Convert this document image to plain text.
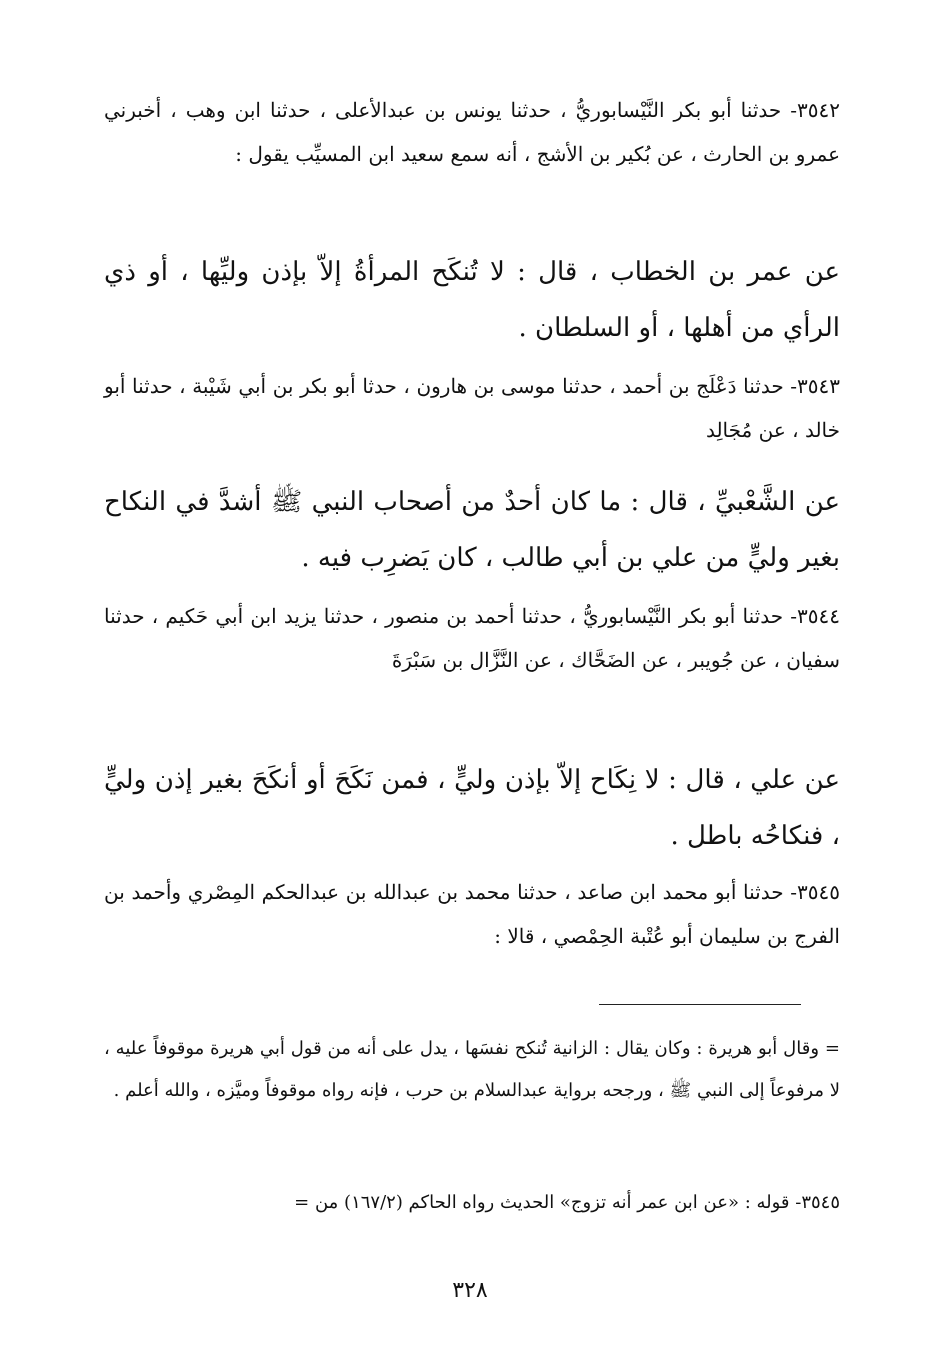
٣٥٤٢- حدثنا أبو بكر النَّيْسابوريُّ ، حدثنا يونس بن عبدالأعلى ، حدثنا ابن وهب ، أخبرني عمرو بن الحارث ، عن بُكير بن الأشج ، أنه سمع سعيد ابن المسيِّب يقول :

عن عمر بن الخطاب ، قال : لا تُنكَح المرأةُ إلاّ بإذن وليِّها ، أو ذي الرأي من أهلها ، أو السلطان .

٣٥٤٣- حدثنا دَعْلَج بن أحمد ، حدثنا موسى بن هارون ، حدثا أبو بكر بن أبي شَيْبة ، حدثنا أبو خالد ، عن مُجَالِد

عن الشَّعْبيِّ ، قال : ما كان أحدٌ من أصحاب النبي ﷺ أشدَّ في النكاح بغير وليٍّ من علي بن أبي طالب ، كان يَضرِب فيه .

٣٥٤٤- حدثنا أبو بكر النَّيْسابوريُّ ، حدثنا أحمد بن منصور ، حدثنا يزيد ابن أبي حَكيم ، حدثنا سفيان ، عن جُويبر ، عن الضَحَّاك ، عن النَّزَّال بن سَبْرَةَ

عن علي ، قال : لا نِكَاح إلاّ بإذن وليٍّ ، فمن نَكَحَ أو أنكَحَ بغير إذن وليٍّ ، فنكاحُه باطل .

٣٥٤٥- حدثنا أبو محمد ابن صاعد ، حدثنا محمد بن عبدالله بن عبدالحكم المِصْري وأحمد بن الفرج بن سليمان أبو عُتْبة الحِمْصي ، قالا :

= وقال أبو هريرة : وكان يقال : الزانية تُنكح نفسَها ، يدل على أنه من قول أبي هريرة موقوفاً عليه ، لا مرفوعاً إلى النبي ﷺ ، ورجحه برواية عبدالسلام بن حرب ، فإنه رواه موقوفاً وميَّزه ، والله أعلم .

٣٥٤٥- قوله : «عن ابن عمر أنه تزوج» الحديث رواه الحاكم (١٦٧/٢) من =

٣٢٨
